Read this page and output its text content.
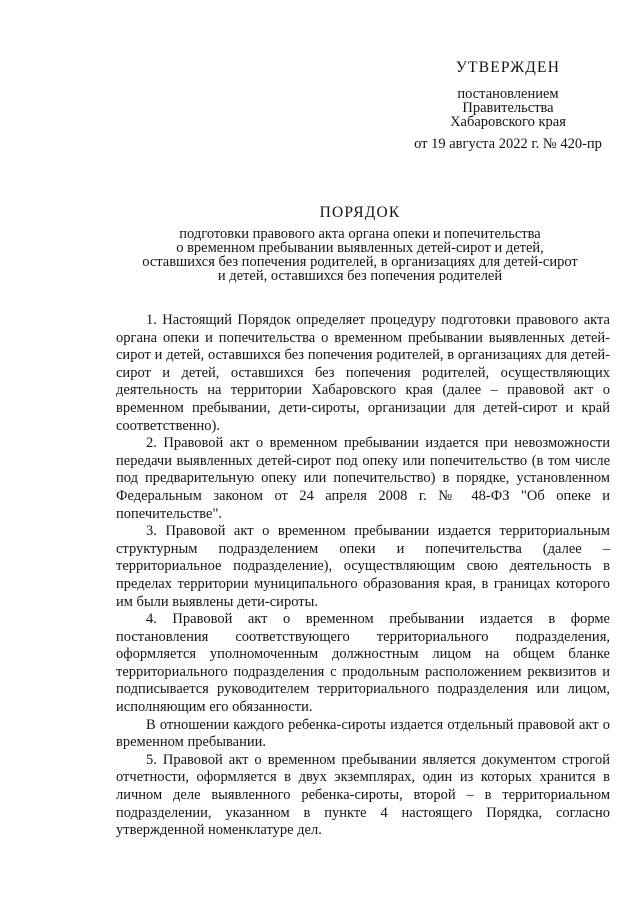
УТВЕРЖДЕН
постановлением
Правительства
Хабаровского края
от 19 августа 2022 г. № 420-пр
ПОРЯДОК
подготовки правового акта органа опеки и попечительства
о временном пребывании выявленных детей-сирот и детей,
оставшихся без попечения родителей, в организациях для детей-сирот
и детей, оставшихся без попечения родителей

1. Настоящий Порядок определяет процедуру подготовки правового акта органа опеки и попечительства о временном пребывании выявленных детей-сирот и детей, оставшихся без попечения родителей, в организациях для детей-сирот и детей, оставшихся без попечения родителей, осуществляющих деятельность на территории Хабаровского края (далее – правовой акт о временном пребывании, дети-сироты, организации для детей-сирот и край соответственно).

2. Правовой акт о временном пребывании издается при невозможности передачи выявленных детей-сирот под опеку или попечительство (в том числе под предварительную опеку или попечительство) в порядке, установленном Федеральным законом от 24 апреля 2008 г. № 48-ФЗ "Об опеке и попечительстве".

3. Правовой акт о временном пребывании издается территориальным структурным подразделением опеки и попечительства (далее – территориальное подразделение), осуществляющим свою деятельность в пределах территории муниципального образования края, в границах которого им были выявлены дети-сироты.

4. Правовой акт о временном пребывании издается в форме постановления соответствующего территориального подразделения, оформляется уполномоченным должностным лицом на общем бланке территориального подразделения с продольным расположением реквизитов и подписывается руководителем территориального подразделения или лицом, исполняющим его обязанности.

В отношении каждого ребенка-сироты издается отдельный правовой акт о временном пребывании.

5. Правовой акт о временном пребывании является документом строгой отчетности, оформляется в двух экземплярах, один из которых хранится в личном деле выявленного ребенка-сироты, второй – в территориальном подразделении, указанном в пункте 4 настоящего Порядка, согласно утвержденной номенклатуре дел.
